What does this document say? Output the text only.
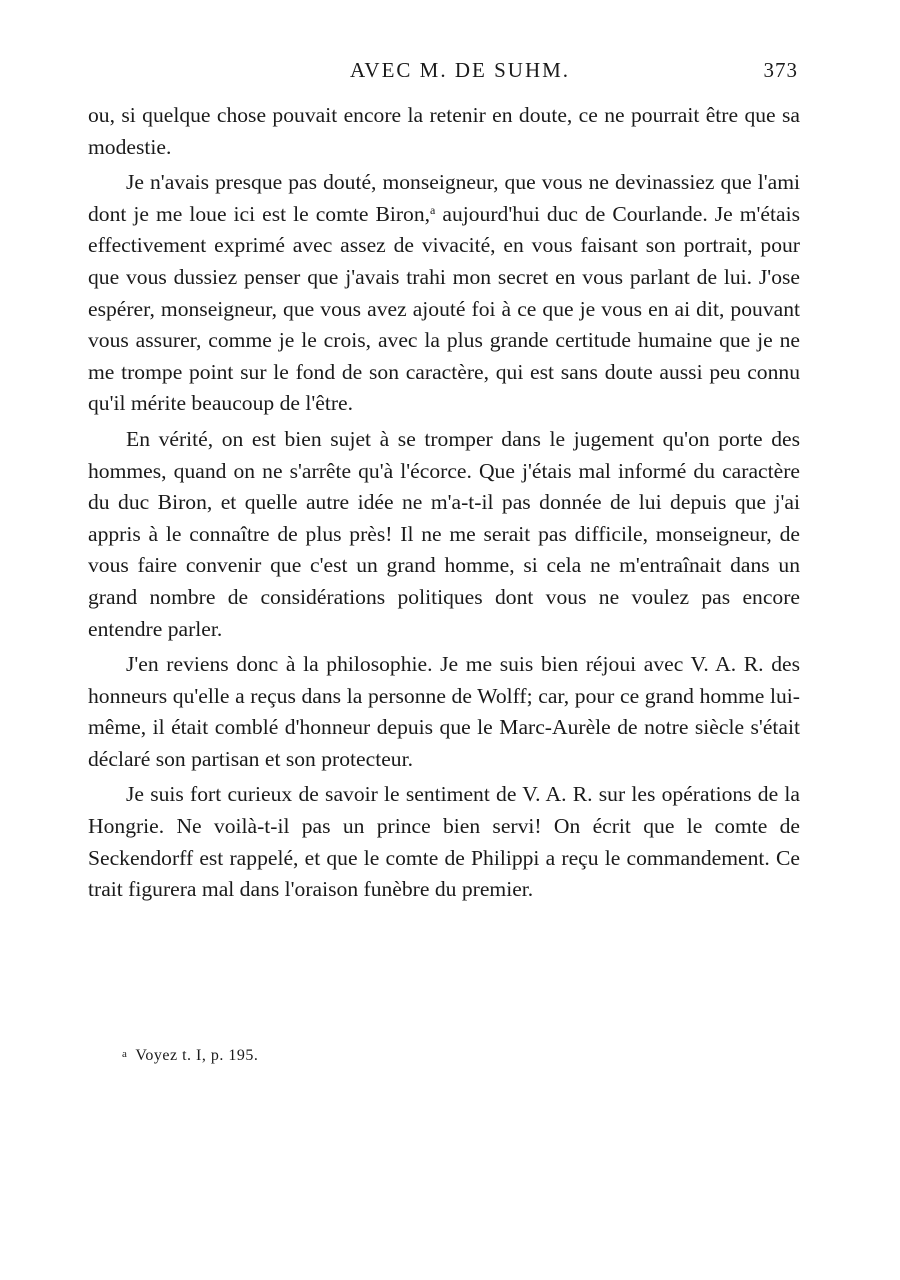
AVEC M. DE SUHM.	373

ou, si quelque chose pouvait encore la retenir en doute, ce ne pourrait être que sa modestie.

Je n'avais presque pas douté, monseigneur, que vous ne devinassiez que l'ami dont je me loue ici est le comte Biron,$^a$ aujourd'hui duc de Courlande. Je m'étais effectivement exprimé avec assez de vivacité, en vous faisant son portrait, pour que vous dussiez penser que j'avais trahi mon secret en vous parlant de lui. J'ose espérer, monseigneur, que vous avez ajouté foi à ce que je vous en ai dit, pouvant vous assurer, comme je le crois, avec la plus grande certitude humaine que je ne me trompe point sur le fond de son caractère, qui est sans doute aussi peu connu qu'il mérite beaucoup de l'être.

En vérité, on est bien sujet à se tromper dans le jugement qu'on porte des hommes, quand on ne s'arrête qu'à l'écorce. Que j'étais mal informé du caractère du duc Biron, et quelle autre idée ne m'a-t-il pas donnée de lui depuis que j'ai appris à le connaître de plus près! Il ne me serait pas difficile, monseigneur, de vous faire convenir que c'est un grand homme, si cela ne m'entraînait dans un grand nombre de considérations politiques dont vous ne voulez pas encore entendre parler.

J'en reviens donc à la philosophie. Je me suis bien réjoui avec V. A. R. des honneurs qu'elle a reçus dans la personne de Wolff; car, pour ce grand homme lui-même, il était comblé d'honneur depuis que le Marc-Aurèle de notre siècle s'était déclaré son partisan et son protecteur.

Je suis fort curieux de savoir le sentiment de V. A. R. sur les opérations de la Hongrie. Ne voilà-t-il pas un prince bien servi! On écrit que le comte de Seckendorff est rappelé, et que le comte de Philippi a reçu le commandement. Ce trait figurera mal dans l'oraison funèbre du premier.

a Voyez t. I, p. 195.
